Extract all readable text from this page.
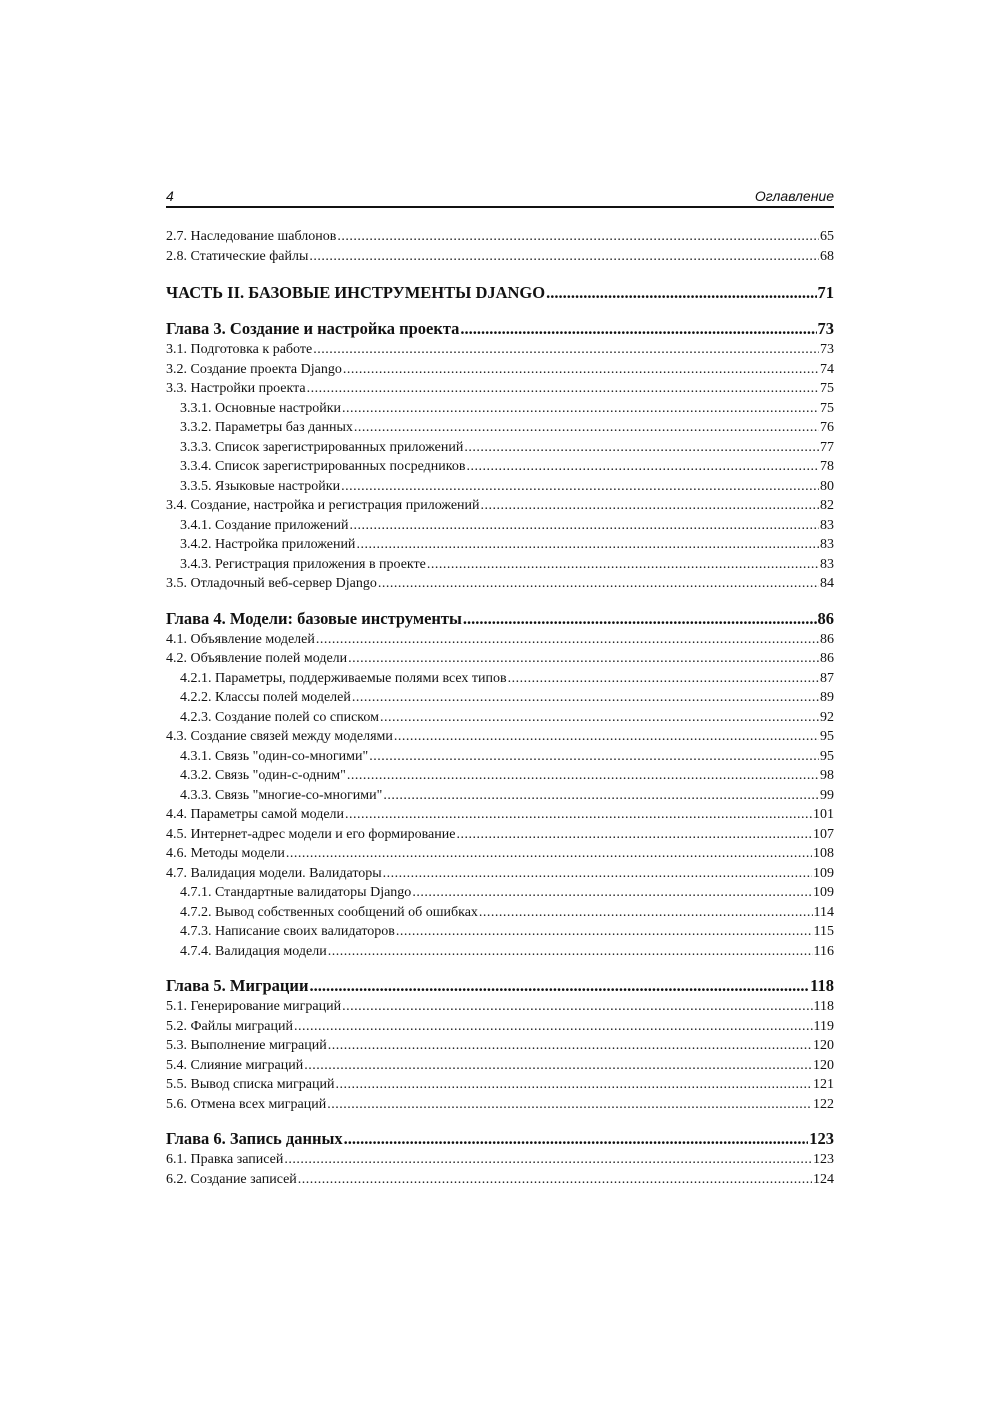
4	Оглавление
2.7. Наследование шаблонов .....	65
2.8. Статические файлы .....	68
ЧАСТЬ II. БАЗОВЫЕ ИНСТРУМЕНТЫ DJANGO .....	71
Глава 3. Создание и настройка проекта .....	73
3.1. Подготовка к работе .....	73
3.2. Создание проекта Django .....	74
3.3. Настройки проекта .....	75
3.3.1. Основные настройки .....	75
3.3.2. Параметры баз данных .....	76
3.3.3. Список зарегистрированных приложений .....	77
3.3.4. Список зарегистрированных посредников .....	78
3.3.5. Языковые настройки .....	80
3.4. Создание, настройка и регистрация приложений .....	82
3.4.1. Создание приложений .....	83
3.4.2. Настройка приложений .....	83
3.4.3. Регистрация приложения в проекте .....	83
3.5. Отладочный веб-сервер Django .....	84
Глава 4. Модели: базовые инструменты .....	86
4.1. Объявление моделей .....	86
4.2. Объявление полей модели .....	86
4.2.1. Параметры, поддерживаемые полями всех типов .....	87
4.2.2. Классы полей моделей .....	89
4.2.3. Создание полей со списком .....	92
4.3. Создание связей между моделями .....	95
4.3.1. Связь "один-со-многими" .....	95
4.3.2. Связь "один-с-одним" .....	98
4.3.3. Связь "многие-со-многими" .....	99
4.4. Параметры самой модели .....	101
4.5. Интернет-адрес модели и его формирование .....	107
4.6. Методы модели .....	108
4.7. Валидация модели. Валидаторы .....	109
4.7.1. Стандартные валидаторы Django .....	109
4.7.2. Вывод собственных сообщений об ошибках .....	114
4.7.3. Написание своих валидаторов .....	115
4.7.4. Валидация модели .....	116
Глава 5. Миграции .....	118
5.1. Генерирование миграций .....	118
5.2. Файлы миграций .....	119
5.3. Выполнение миграций .....	120
5.4. Слияние миграций .....	120
5.5. Вывод списка миграций .....	121
5.6. Отмена всех миграций .....	122
Глава 6. Запись данных .....	123
6.1. Правка записей .....	123
6.2. Создание записей .....	124
